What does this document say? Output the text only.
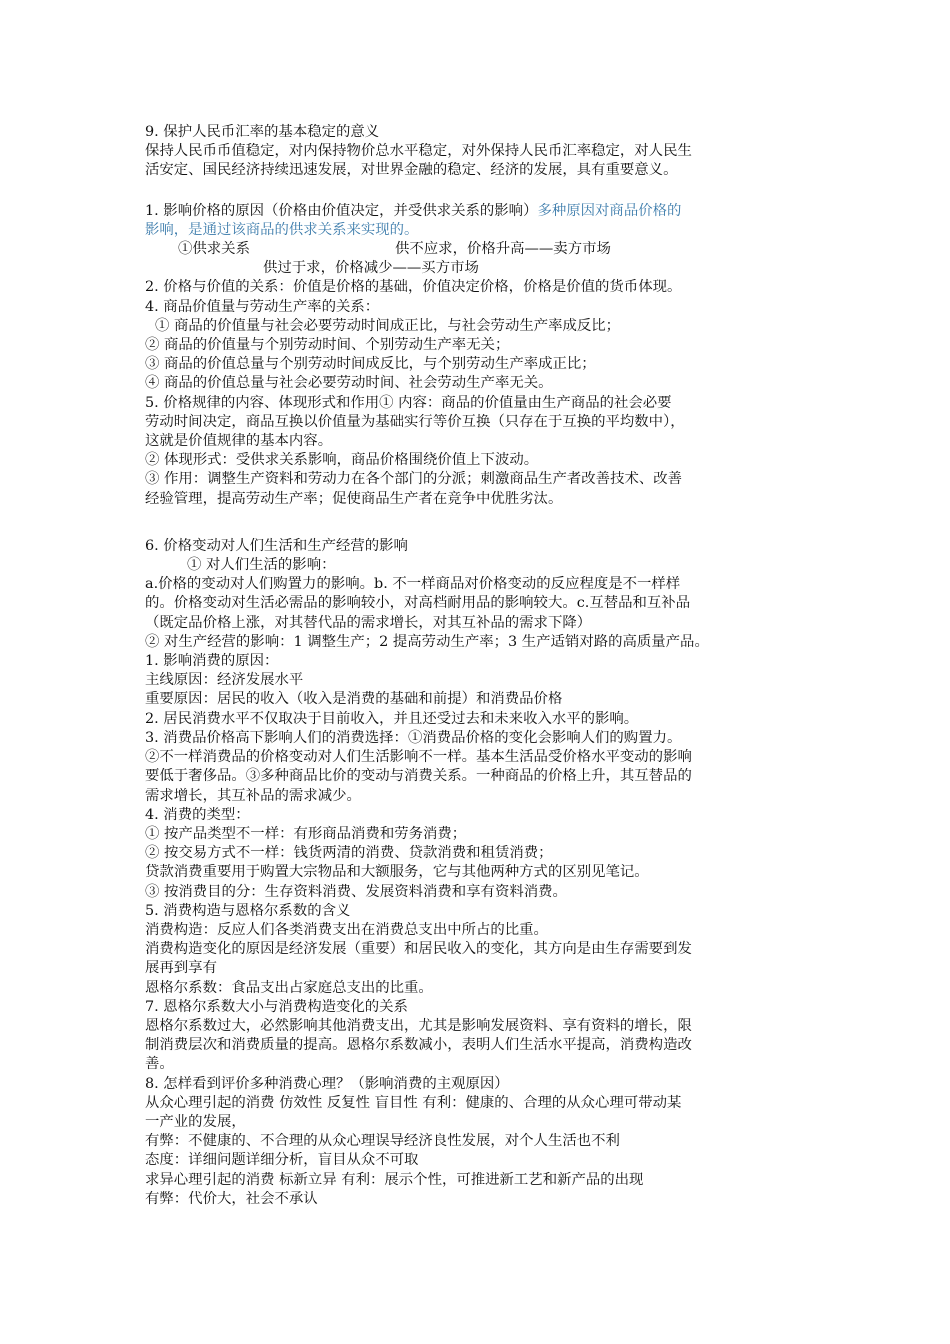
9. 保护人民币汇率的基本稳定的意义
保持人民币币值稳定，对内保持物价总水平稳定，对外保持人民币汇率稳定，对人民生
活安定、国民经济持续迅速发展，对世界金融的稳定、经济的发展，具有重要意义。
1. 影响价格的原因（价格由价值决定，并受供求关系的影响）多种原因对商品价格的
影响，是通过该商品的供求关系来实现的。
①供求关系	供不应求，价格升高——卖方市场
供过于求，价格减少——买方市场
2. 价格与价值的关系：价值是价格的基础，价值决定价格，价格是价值的货币体现。
4. 商品价值量与劳动生产率的关系：
① 商品的价值量与社会必要劳动时间成正比，与社会劳动生产率成反比；
② 商品的价值量与个别劳动时间、个别劳动生产率无关；
③ 商品的价值总量与个别劳动时间成反比，与个别劳动生产率成正比；
④ 商品的价值总量与社会必要劳动时间、社会劳动生产率无关。
5. 价格规律的内容、体现形式和作用① 内容：商品的价值量由生产商品的社会必要
劳动时间决定，商品互换以价值量为基础实行等价互换（只存在于互换的平均数中），
这就是价值规律的基本内容。
② 体现形式：受供求关系影响，商品价格围绕价值上下波动。
③ 作用：调整生产资料和劳动力在各个部门的分派；刺激商品生产者改善技术、改善
经验管理，提高劳动生产率；促使商品生产者在竞争中优胜劣汰。
6. 价格变动对人们生活和生产经营的影响
① 对人们生活的影响：
a.价格的变动对人们购置力的影响。b. 不一样商品对价格变动的反应程度是不一样样
的。价格变动对生活必需品的影响较小，对高档耐用品的影响较大。c.互替品和互补品
（既定品价格上涨，对其替代品的需求增长，对其互补品的需求下降）
② 对生产经营的影响：1 调整生产；2 提高劳动生产率；3 生产适销对路的高质量产品。
1. 影响消费的原因：
主线原因：经济发展水平
重要原因：居民的收入（收入是消费的基础和前提）和消费品价格
2. 居民消费水平不仅取决于目前收入，并且还受过去和未来收入水平的影响。
3. 消费品价格高下影响人们的消费选择：①消费品价格的变化会影响人们的购置力。
②不一样消费品的价格变动对人们生活影响不一样。基本生活品受价格水平变动的影响
要低于奢侈品。③多种商品比价的变动与消费关系。一种商品的价格上升，其互替品的
需求增长，其互补品的需求减少。
4. 消费的类型：
① 按产品类型不一样：有形商品消费和劳务消费；
② 按交易方式不一样：钱货两清的消费、贷款消费和租赁消费；
贷款消费重要用于购置大宗物品和大额服务，它与其他两种方式的区别见笔记。
③ 按消费目的分：生存资料消费、发展资料消费和享有资料消费。
5. 消费构造与恩格尔系数的含义
消费构造：反应人们各类消费支出在消费总支出中所占的比重。
消费构造变化的原因是经济发展（重要）和居民收入的变化，其方向是由生存需要到发
展再到享有
恩格尔系数：食品支出占家庭总支出的比重。
7. 恩格尔系数大小与消费构造变化的关系
恩格尔系数过大，必然影响其他消费支出，尤其是影响发展资料、享有资料的增长，限
制消费层次和消费质量的提高。恩格尔系数减小，表明人们生活水平提高，消费构造改
善。
8. 怎样看到评价多种消费心理？（影响消费的主观原因）
从众心理引起的消费 仿效性 反复性 盲目性 有利：健康的、合理的从众心理可带动某
一产业的发展，
有弊：不健康的、不合理的从众心理误导经济良性发展，对个人生活也不利
态度：详细问题详细分析，盲目从众不可取
求异心理引起的消费 标新立异 有利：展示个性，可推进新工艺和新产品的出现
有弊：代价大，社会不承认
